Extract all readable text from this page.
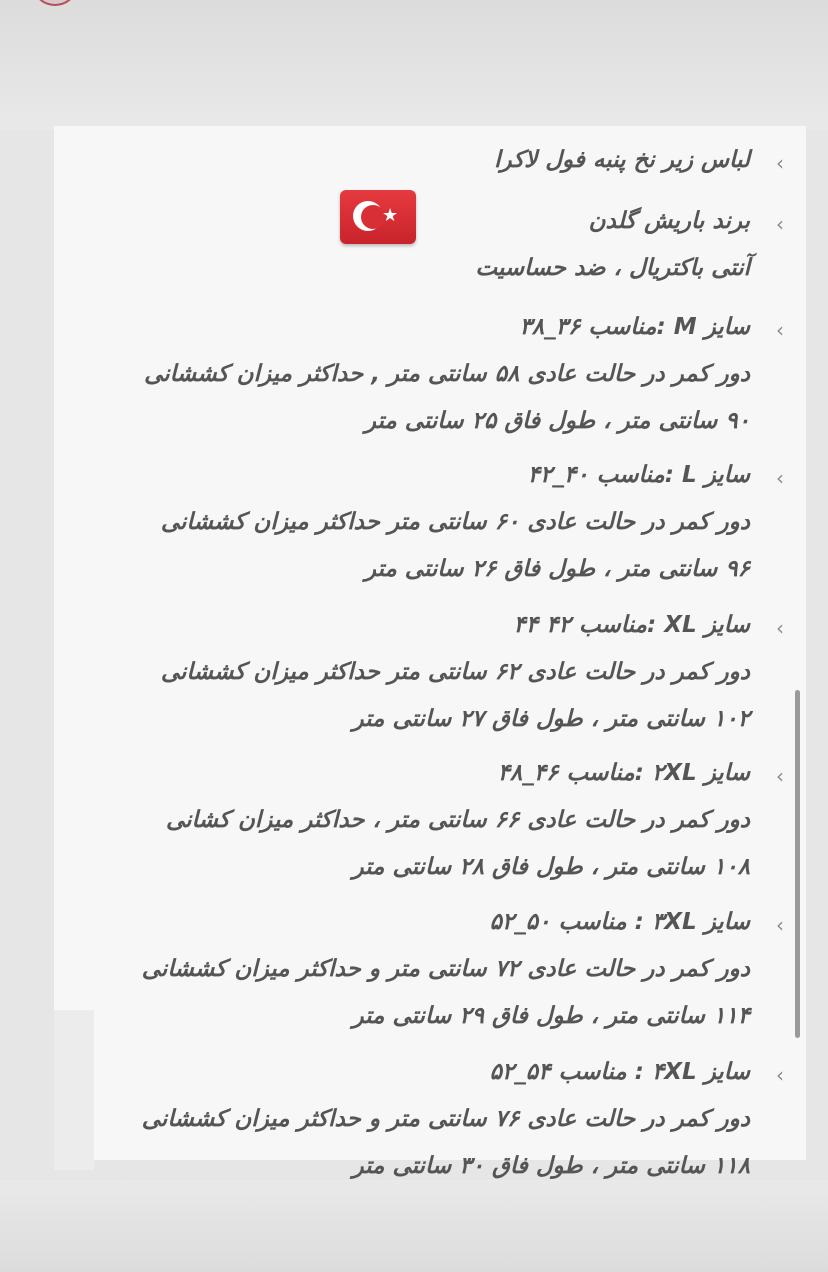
‹
لباس زیر نخ پنبه فول لاکرا
‹
برند باریش گلدن
آنتی باکتریال ، ضد حساسیت
★
‹
سایز M :مناسب ۳۶_۳۸
دور کمر در حالت عادی ۵۸ سانتی متر , حداکثر میزان کششانی
۹۰ سانتی متر ، طول فاق ۲۵ سانتی متر
‹
سایز L :مناسب ۴۰_۴۲
دور کمر در حالت عادی ۶۰ سانتی متر حداکثر میزان کششانی
۹۶ سانتی متر ، طول فاق ۲۶ سانتی متر
‹
سایز XL :مناسب ۴۲ ۴۴
دور کمر در حالت عادی ۶۲ سانتی متر حداکثر میزان کششانی
۱۰۲ سانتی متر ، طول فاق ۲۷ سانتی متر
‹
سایز ۲XL :مناسب ۴۶_۴۸
دور کمر در حالت عادی ۶۶ سانتی متر ، حداکثر میزان کشانی
۱۰۸ سانتی متر ، طول فاق ۲۸ سانتی متر
‹
سایز ۳XL : مناسب ۵۰_۵۲
دور کمر در حالت عادی ۷۲ سانتی متر و حداکثر میزان کششانی
۱۱۴ سانتی متر ، طول فاق ۲۹ سانتی متر
‹
سایز ۴XL : مناسب ۵۴_۵۲
دور کمر در حالت عادی ۷۶ سانتی متر و حداکثر میزان کششانی
۱۱۸ سانتی متر ، طول فاق ۳۰ سانتی متر
